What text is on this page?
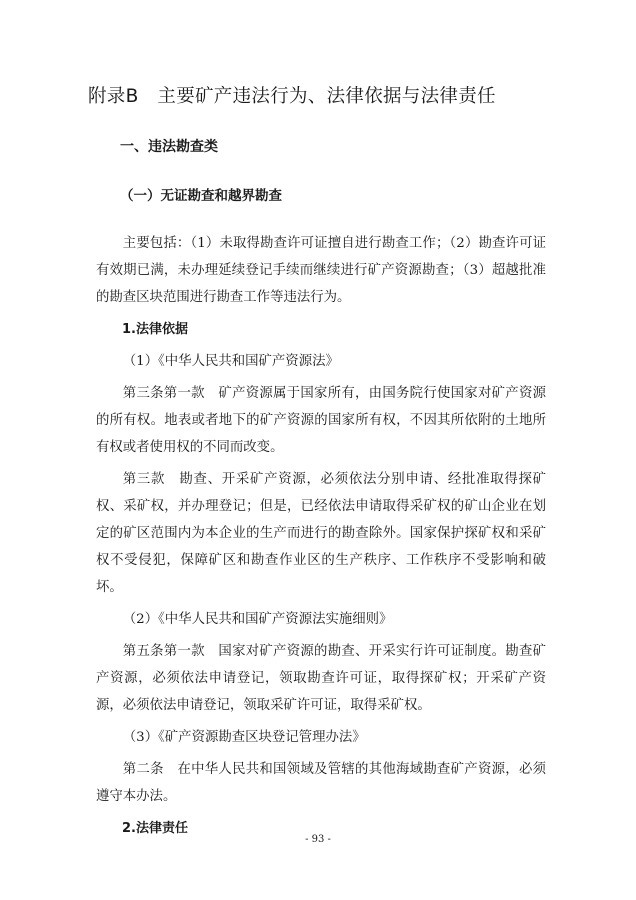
附录B　主要矿产违法行为、法律依据与法律责任
一、违法勘查类
（一）无证勘查和越界勘查

主要包括：（1）未取得勘查许可证擅自进行勘查工作；（2）勘查许可证有效期已满，未办理延续登记手续而继续进行矿产资源勘查；（3）超越批准的勘查区块范围进行勘查工作等违法行为。

1.法律依据

（1）《中华人民共和国矿产资源法》

第三条第一款　矿产资源属于国家所有，由国务院行使国家对矿产资源的所有权。地表或者地下的矿产资源的国家所有权，不因其所依附的土地所有权或者使用权的不同而改变。

第三款　勘查、开采矿产资源，必须依法分别申请、经批准取得探矿权、采矿权，并办理登记；但是，已经依法申请取得采矿权的矿山企业在划定的矿区范围内为本企业的生产而进行的勘查除外。国家保护探矿权和采矿权不受侵犯，保障矿区和勘查作业区的生产秩序、工作秩序不受影响和破坏。

（2）《中华人民共和国矿产资源法实施细则》

第五条第一款　国家对矿产资源的勘查、开采实行许可证制度。勘查矿产资源，必须依法申请登记，领取勘查许可证，取得探矿权；开采矿产资源，必须依法申请登记，领取采矿许可证，取得采矿权。

（3）《矿产资源勘查区块登记管理办法》

第二条　在中华人民共和国领域及管辖的其他海域勘查矿产资源，必须遵守本办法。

2.法律责任

- 93 -
